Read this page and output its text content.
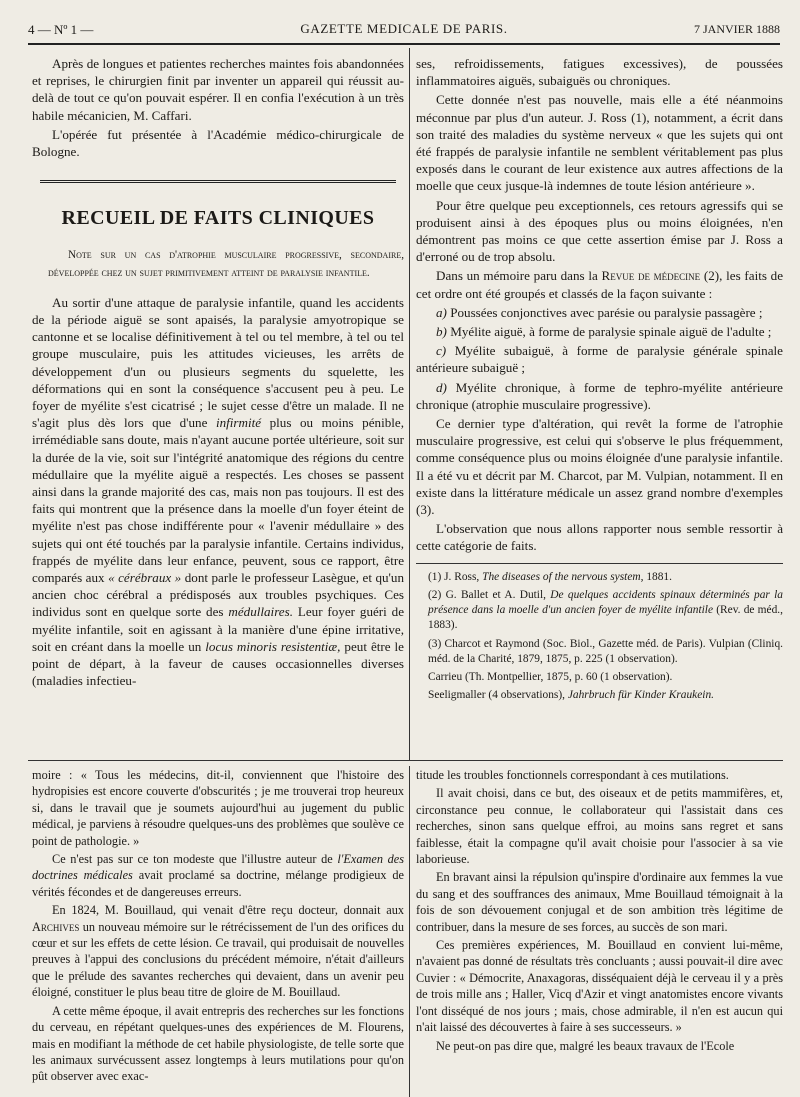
4 — Nº 1 —	GAZETTE MEDICALE DE PARIS.	7 JANVIER 1888

Après de longues et patientes recherches maintes fois abandonnées et reprises, le chirurgien finit par inventer un appareil qui réussit au-delà de tout ce qu'on pouvait espérer. Il en confia l'exécution à un très habile mécanicien, M. Caffari.

L'opérée fut présentée à l'Académie médico-chirurgicale de Bologne.

RECUEIL DE FAITS CLINIQUES

Note sur un cas d'atrophie musculaire progressive, secondaire, développée chez un sujet primitivement atteint de paralysie infantile.

Au sortir d'une attaque de paralysie infantile, quand les accidents de la période aiguë se sont apaisés, la paralysie amyotropique se cantonne et se localise définitivement à tel ou tel membre, à tel ou tel groupe musculaire, puis les attitudes vicieuses, les arrêts de développement d'un ou plusieurs segments du squelette, les déformations qui en sont la conséquence s'accusent peu à peu. Le foyer de myélite s'est cicatrisé ; le sujet cesse d'être un malade. Il ne s'agit plus dès lors que d'une infirmité plus ou moins pénible, irrémédiable sans doute, mais n'ayant aucune portée ultérieure, soit sur la durée de la vie, soit sur l'intégrité anatomique des régions du centre médullaire que la myélite aiguë a respectés. Les choses se passent ainsi dans la grande majorité des cas, mais non pas toujours. Il est des faits qui montrent que la présence dans la moelle d'un foyer éteint de myélite n'est pas chose indifférente pour « l'avenir médullaire » des sujets qui ont été touchés par la paralysie infantile. Certains individus, frappés de myélite dans leur enfance, peuvent, sous ce rapport, être comparés aux « cérébraux » dont parle le professeur Lasègue, et qu'un ancien choc cérébral a prédisposés aux troubles psychiques. Ces individus sont en quelque sorte des médullaires. Leur foyer guéri de myélite infantile, soit en agissant à la manière d'une épine irritative, soit en créant dans la moelle un locus minoris resistentiæ, peut être le point de départ, à la faveur de causes occasionnelles diverses (maladies infectieu-

ses, refroidissements, fatigues excessives), de poussées inflammatoires aiguës, subaiguës ou chroniques.

Cette donnée n'est pas nouvelle, mais elle a été néanmoins méconnue par plus d'un auteur. J. Ross (1), notamment, a écrit dans son traité des maladies du système nerveux « que les sujets qui ont été frappés de paralysie infantile ne semblent véritablement pas plus exposés dans le courant de leur existence aux autres affections de la moelle que ceux jusque-là indemnes de toute lésion antérieure ».

Pour être quelque peu exceptionnels, ces retours agressifs qui se produisent ainsi à des époques plus ou moins éloignées, n'en démontrent pas moins ce que cette assertion émise par J. Ross a d'erroné ou de trop absolu.

Dans un mémoire paru dans la Revue de médecine (2), les faits de cet ordre ont été groupés et classés de la façon suivante :

a) Poussées conjonctives avec parésie ou paralysie passagère ;

b) Myélite aiguë, à forme de paralysie spinale aiguë de l'adulte ;

c) Myélite subaiguë, à forme de paralysie générale spinale antérieure subaiguë ;

d) Myélite chronique, à forme de tephro-myélite antérieure chronique (atrophie musculaire progressive).

Ce dernier type d'altération, qui revêt la forme de l'atrophie musculaire progressive, est celui qui s'observe le plus fréquemment, comme conséquence plus ou moins éloignée d'une paralysie infantile. Il a été vu et décrit par M. Charcot, par M. Vulpian, notamment. Il en existe dans la littérature médicale un assez grand nombre d'exemples (3).

L'observation que nous allons rapporter nous semble ressortir à cette catégorie de faits.

(1) J. Ross, The diseases of the nervous system, 1881.

(2) G. Ballet et A. Dutil, De quelques accidents spinaux déterminés par la présence dans la moelle d'un ancien foyer de myélite infantile (Rev. de méd., 1883).

(3) Charcot et Raymond (Soc. Biol., Gazette méd. de Paris). Vulpian (Cliniq. méd. de la Charité, 1879, 1875, p. 225 (1 observation).

Carrieu (Th. Montpellier, 1875, p. 60 (1 observation).

Seeligmaller (4 observations), Jahrbruch für Kinder Kraukein.

moire : « Tous les médecins, dit-il, conviennent que l'histoire des hydropisies est encore couverte d'obscurités ; je me trouverai trop heureux si, dans le travail que je soumets aujourd'hui au jugement du public médical, je parviens à résoudre quelques-uns des problèmes que soulève ce point de pathologie. »

Ce n'est pas sur ce ton modeste que l'illustre auteur de l'Examen des doctrines médicales avait proclamé sa doctrine, mélange prodigieux de vérités fécondes et de dangereuses erreurs.

En 1824, M. Bouillaud, qui venait d'être reçu docteur, donnait aux Archives un nouveau mémoire sur le rétrécissement de l'un des orifices du cœur et sur les effets de cette lésion. Ce travail, qui produisait de nouvelles preuves à l'appui des conclusions du précédent mémoire, n'était d'ailleurs que le prélude des savantes recherches qui devaient, dans un avenir peu éloigné, constituer le plus beau titre de gloire de M. Bouillaud.

A cette même époque, il avait entrepris des recherches sur les fonctions du cerveau, en répétant quelques-unes des expériences de M. Flourens, mais en modifiant la méthode de cet habile physiologiste, de telle sorte que les animaux survécussent assez longtemps à leurs mutilations pour qu'on pût observer avec exac-

titude les troubles fonctionnels correspondant à ces mutilations.

Il avait choisi, dans ce but, des oiseaux et de petits mammifères, et, circonstance peu connue, le collaborateur qui l'assistait dans ces recherches, sinon sans quelque effroi, au moins sans regret et sans faiblesse, était la compagne qu'il avait choisie pour l'associer à sa vie laborieuse.

En bravant ainsi la répulsion qu'inspire d'ordinaire aux femmes la vue du sang et des souffrances des animaux, Mme Bouillaud témoignait à la fois de son dévouement conjugal et de son ambition très légitime de contribuer, dans la mesure de ses forces, au succès de son mari.

Ces premières expériences, M. Bouillaud en convient lui-même, n'avaient pas donné de résultats très concluants ; aussi pouvait-il dire avec Cuvier : « Démocrite, Anaxagoras, disséquaient déjà le cerveau il y a près de trois mille ans ; Haller, Vicq d'Azir et vingt anatomistes encore vivants l'ont disséqué de nos jours ; mais, chose admirable, il n'en est aucun qui n'ait laissé des découvertes à faire à ses successeurs. »

Ne peut-on pas dire que, malgré les beaux travaux de l'Ecole
